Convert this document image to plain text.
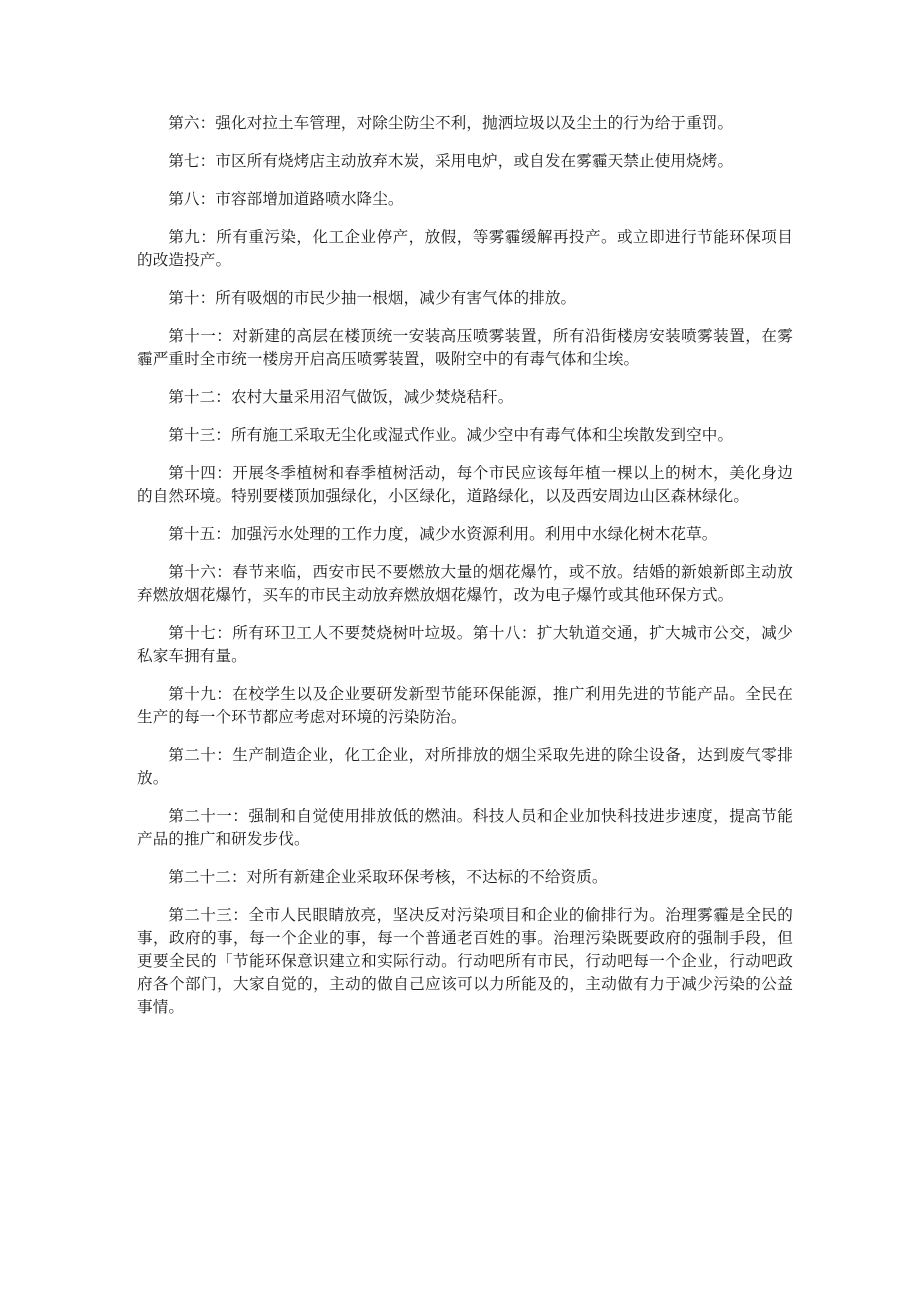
第六：强化对拉土车管理，对除尘防尘不利，抛洒垃圾以及尘土的行为给于重罚。

第七：市区所有烧烤店主动放弃木炭，采用电炉，或自发在雾霾天禁止使用烧烤。

第八：市容部增加道路喷水降尘。

第九：所有重污染，化工企业停产，放假，等雾霾缓解再投产。或立即进行节能环保项目的改造投产。

第十：所有吸烟的市民少抽一根烟，减少有害气体的排放。

第十一：对新建的高层在楼顶统一安装高压喷雾装置，所有沿街楼房安装喷雾装置，在雾霾严重时全市统一楼房开启高压喷雾装置，吸附空中的有毒气体和尘埃。

第十二：农村大量采用沼气做饭，减少焚烧秸秆。

第十三：所有施工采取无尘化或湿式作业。减少空中有毒气体和尘埃散发到空中。

第十四：开展冬季植树和春季植树活动，每个市民应该每年植一棵以上的树木，美化身边的自然环境。特别要楼顶加强绿化，小区绿化，道路绿化，以及西安周边山区森林绿化。

第十五：加强污水处理的工作力度，减少水资源利用。利用中水绿化树木花草。

第十六：春节来临，西安市民不要燃放大量的烟花爆竹，或不放。结婚的新娘新郎主动放弃燃放烟花爆竹，买车的市民主动放弃燃放烟花爆竹，改为电子爆竹或其他环保方式。

第十七：所有环卫工人不要焚烧树叶垃圾。第十八：扩大轨道交通，扩大城市公交，减少私家车拥有量。

第十九：在校学生以及企业要研发新型节能环保能源，推广利用先进的节能产品。全民在生产的每一个环节都应考虑对环境的污染防治。

第二十：生产制造企业，化工企业，对所排放的烟尘采取先进的除尘设备，达到废气零排放。

第二十一：强制和自觉使用排放低的燃油。科技人员和企业加快科技进步速度，提高节能产品的推广和研发步伐。

第二十二：对所有新建企业采取环保考核，不达标的不给资质。

第二十三：全市人民眼睛放亮，坚决反对污染项目和企业的偷排行为。治理雾霾是全民的事，政府的事，每一个企业的事，每一个普通老百姓的事。治理污染既要政府的强制手段，但更要全民的「节能环保意识建立和实际行动。行动吧所有市民，行动吧每一个企业，行动吧政府各个部门，大家自觉的，主动的做自己应该可以力所能及的，主动做有力于减少污染的公益事情。
